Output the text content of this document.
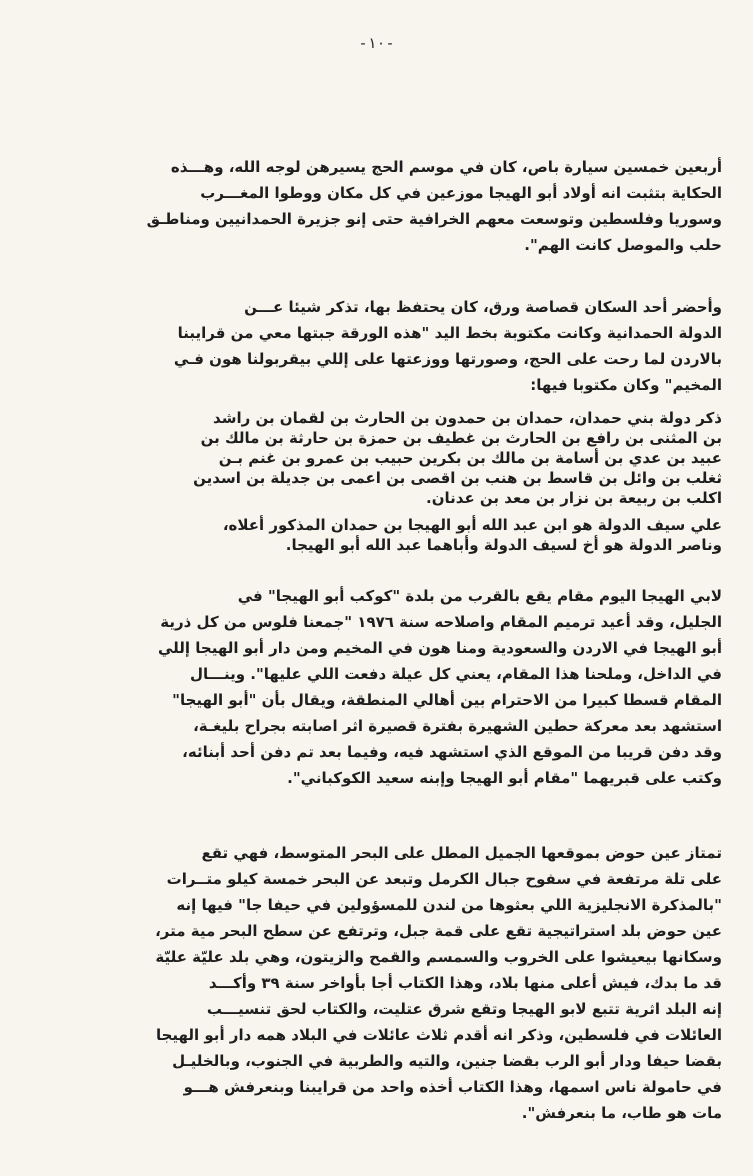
-١٠-

أربعين خمسين سيارة باص، كان في موسم الحج يسيرهن لوجه الله، وهـــذه

الحكاية بتثبت انه أولاد أبو الهيجا موزعين في كل مكان ووطوا المغـــرب

وسوريا وفلسطين وتوسعت معهم الخرافية حتى إنو جزيرة الحمدانيين ومناطـق

حلب والموصل كانت الهم".

وأحضر أحد السكان قصاصة ورق، كان يحتفظ بها، تذكر شيئا عـــن

الدولة الحمدانية وكانت مكتوبة بخط اليد "هذه الورقة جبتها معي من قرايبنا

بالاردن لما رحت على الحج، وصورتها ووزعتها على إللي بيقربولنا هون فـي

المخيم" وكان مكتوبا فيها:

ذكر دولة بني حمدان، حمدان بن حمدون بن الحارث بن لقمان بن راشد

بن المثنى بن رافع بن الحارث بن غطيف بن حمزة بن حارثة بن مالك بن

عبيد بن عدي بن أسامة بن مالك بن بكرين حبيب بن عمرو بن غنم بـن

ثغلب بن وائل بن قاسط بن هنب بن اقصى بن اعمى بن جديلة بن اسدين

اكلب بن ربيعة بن نزار بن معد بن عدنان.

علي سيف الدولة هو ابن عبد الله أبو الهيجا بن حمدان المذكور أعلاه،

وناصر الدولة هو أخ لسيف الدولة وأباهما عبد الله أبو الهيجا.

لابي الهيجا اليوم مقام يقع بالقرب من بلدة "كوكب أبو الهيجا" في

الجليل، وقد أعيد ترميم المقام واصلاحه سنة ١٩٧٦ "جمعنا فلوس من كل ذرية

أبو الهيجا في الاردن والسعودية ومنا هون في المخيم ومن دار أبو الهيجا إللي

في الداخل، وملحنا هذا المقام، يعني كل عيلة دفعت اللي عليها". وينـــال

المقام قسطا كبيرا من الاحترام بين أهالي المنطقة، ويقال بأن "أبو الهيجا"

استشهد بعد معركة حطين الشهيرة بفترة قصيرة اثر اصابته بجراح بليغـة،

وقد دفن قريبا من الموقع الذي استشهد فيه، وفيما بعد تم دفن أحد أبنائه،

وكتب على قبريهما "مقام أبو الهيجا وإبنه سعيد الكوكباني".

تمتاز عين حوض بموقعها الجميل المطل على البحر المتوسط، فهي تقع

على تلة مرتفعة في سفوح جبال الكرمل وتبعد عن البحر خمسة كيلو متــرات

"بالمذكرة الانجليزية اللي بعثوها من لندن للمسؤولين في حيفا جا" فيها إنه

عين حوض بلد استراتيجية تقع على قمة جبل، وترتفع عن سطح البحر مية متر،

وسكانها بيعيشوا على الخروب والسمسم والقمح والزيتون، وهي بلد عليّة عليّة

قد ما بدك، فيش أعلى منها بلاد، وهذا الكتاب أجا بأواخر سنة ٣٩ وأكـــد

إنه البلد اثرية تتبع لابو الهيجا وتقع شرق عتليت، والكتاب لحق تنسيـــب

العائلات في فلسطين، وذكر انه أقدم ثلاث عائلات في البلاد همه دار أبو الهيجا

بقضا حيفا ودار أبو الرب بقضا جنين، والتيه والطربية في الجنوب، وبالخليـل

في حامولة ناس اسمها، وهذا الكتاب أخذه واحد من قرايبنا وبنعرفش هـــو

مات هو طاب، ما بنعرفش".
